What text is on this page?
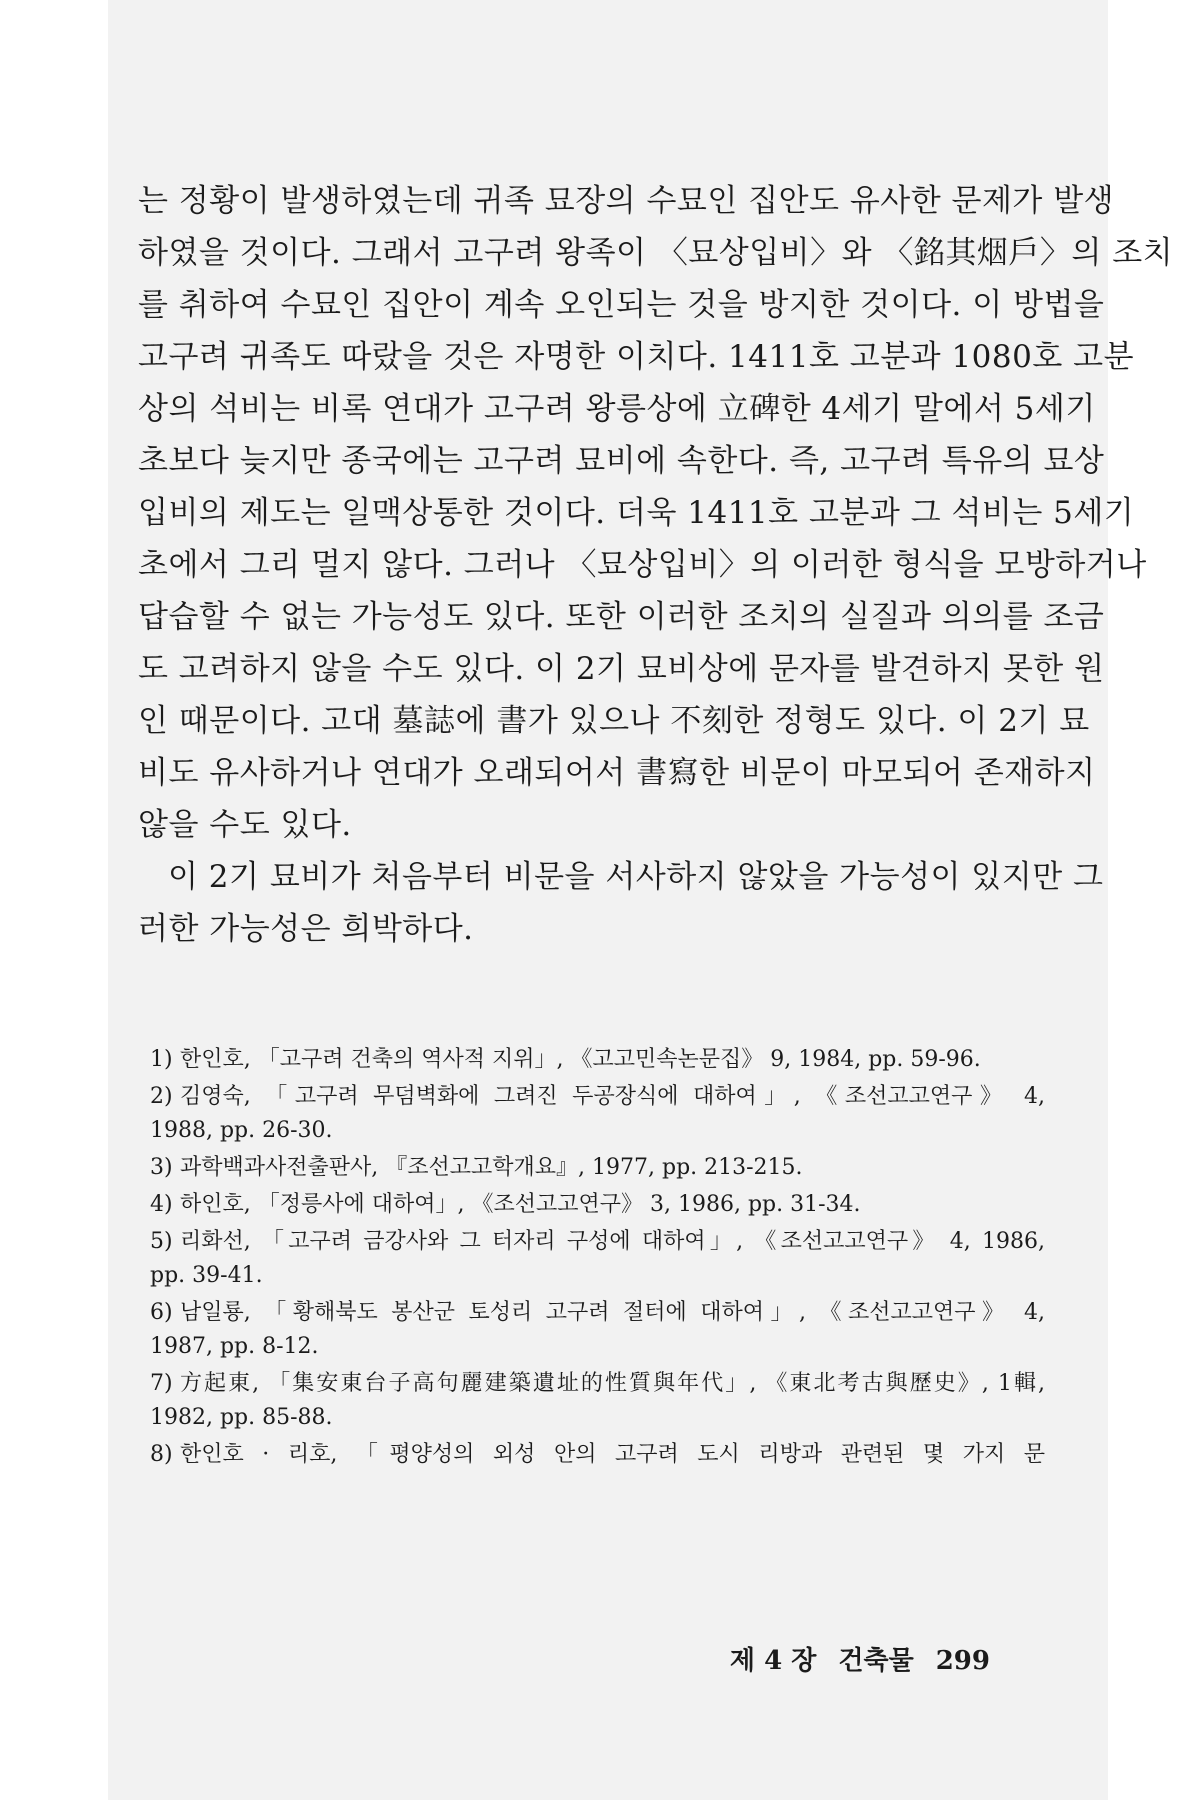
는 정황이 발생하였는데 귀족 묘장의 수묘인 집안도 유사한 문제가 발생
하였을 것이다. 그래서 고구려 왕족이 〈묘상입비〉와 〈銘其烟戶〉의 조치
를 취하여 수묘인 집안이 계속 오인되는 것을 방지한 것이다. 이 방법을
고구려 귀족도 따랐을 것은 자명한 이치다. 1411호 고분과 1080호 고분
상의 석비는 비록 연대가 고구려 왕릉상에 立碑한 4세기 말에서 5세기
초보다 늦지만 종국에는 고구려 묘비에 속한다. 즉, 고구려 특유의 묘상
입비의 제도는 일맥상통한 것이다. 더욱 1411호 고분과 그 석비는 5세기
초에서 그리 멀지 않다. 그러나 〈묘상입비〉의 이러한 형식을 모방하거나
답습할 수 없는 가능성도 있다. 또한 이러한 조치의 실질과 의의를 조금
도 고려하지 않을 수도 있다. 이 2기 묘비상에 문자를 발견하지 못한 원
인 때문이다. 고대 墓誌에 書가 있으나 不刻한 정형도 있다. 이 2기 묘
비도 유사하거나 연대가 오래되어서 書寫한 비문이 마모되어 존재하지
않을 수도 있다.
이 2기 묘비가 처음부터 비문을 서사하지 않았을 가능성이 있지만 그
러한 가능성은 희박하다.
1) 한인호, 「고구려 건축의 역사적 지위」, 《고고민속논문집》 9, 1984, pp. 59-96.
2) 김영숙, 「고구려 무덤벽화에 그려진 두공장식에 대하여」, 《조선고고연구》 4,
1988, pp. 26-30.
3) 과학백과사전출판사, 『조선고고학개요』, 1977, pp. 213-215.
4) 하인호, 「정릉사에 대하여」, 《조선고고연구》 3, 1986, pp. 31-34.
5) 리화선, 「고구려 금강사와 그 터자리 구성에 대하여」, 《조선고고연구》 4, 1986,
pp. 39-41.
6) 남일룡, 「황해북도 봉산군 토성리 고구려 절터에 대하여」, 《조선고고연구》 4,
1987, pp. 8-12.
7) 方起東, 「集安東台子高句麗建築遺址的性質與年代」, 《東北考古與歷史》, 1輯,
1982, pp. 85-88.
8) 한인호 · 리호, 「평양성의 외성 안의 고구려 도시 리방과 관련된 몇 가지 문
제 4 장 건축물 299
